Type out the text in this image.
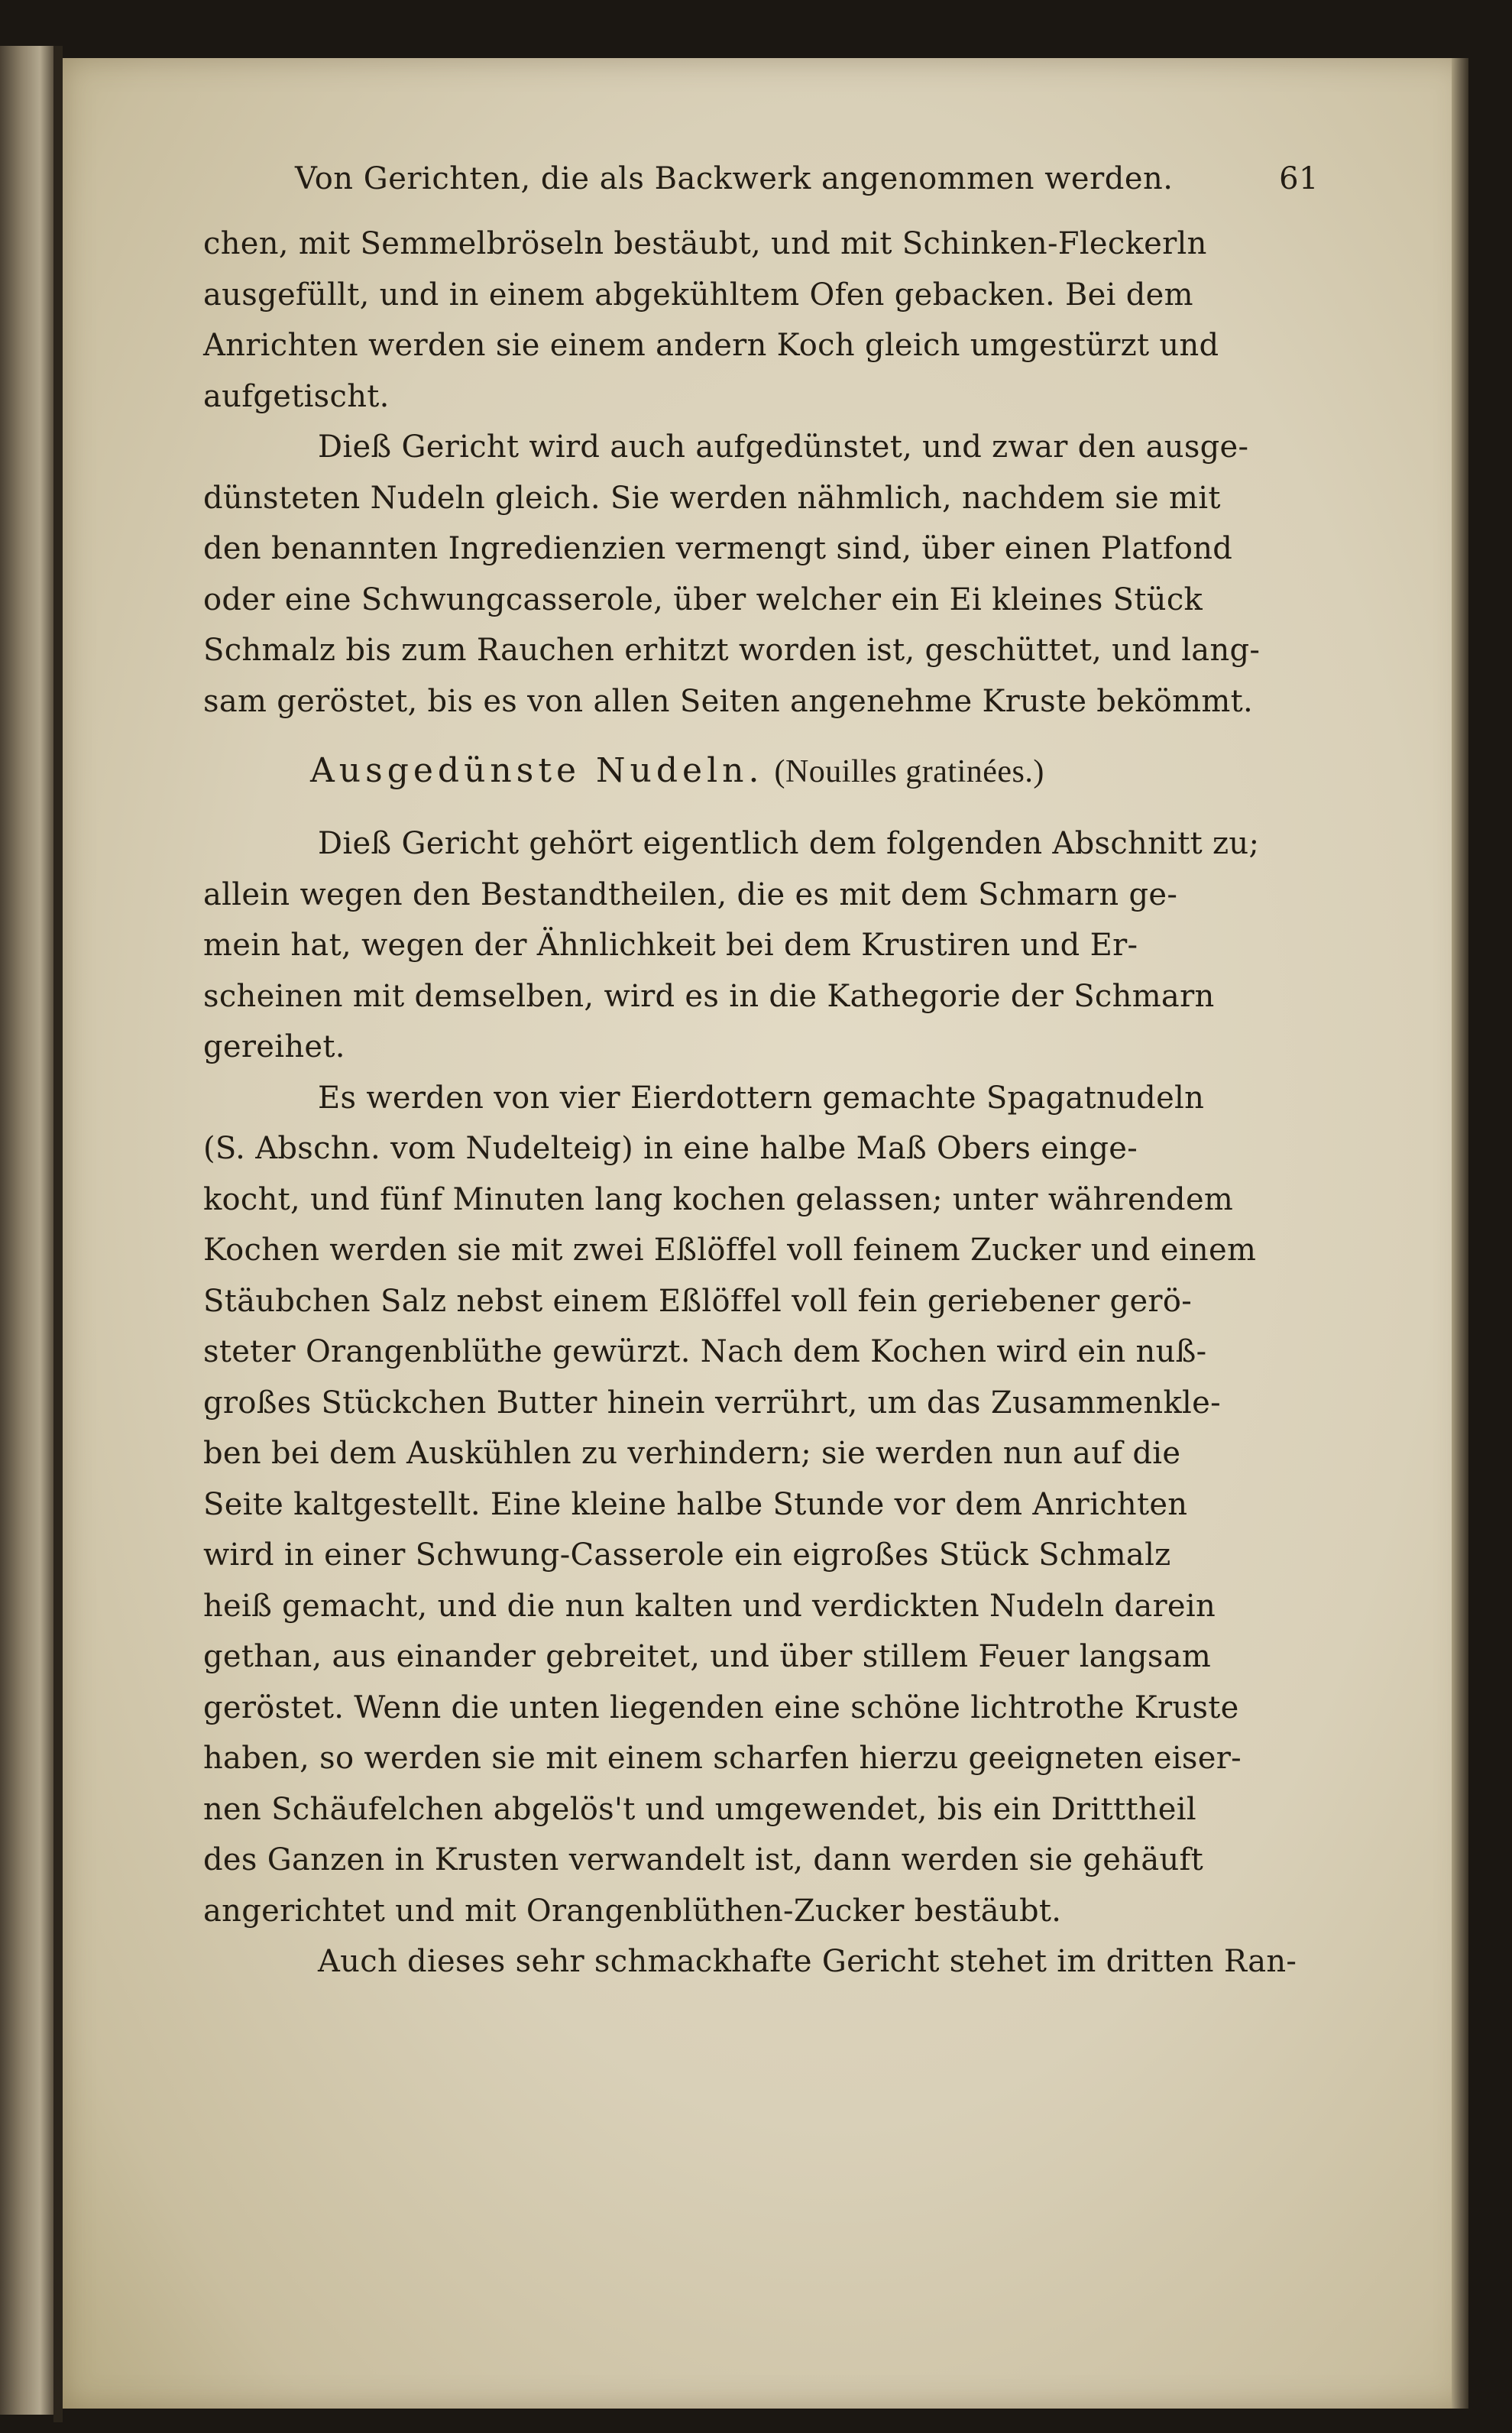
Von Gerichten, die als Backwerk angenommen werden.	61
chen, mit Semmelbröseln bestäubt, und mit Schinken-Fleckerln
ausgefüllt, und in einem abgekühltem Ofen gebacken. Bei dem
Anrichten werden sie einem andern Koch gleich umgestürzt und
aufgetischt.
Dieß Gericht wird auch aufgedünstet, und zwar den ausge-
dünsteten Nudeln gleich. Sie werden nähmlich, nachdem sie mit
den benannten Ingredienzien vermengt sind, über einen Platfond
oder eine Schwungcasserole, über welcher ein Ei kleines Stück
Schmalz bis zum Rauchen erhitzt worden ist, geschüttet, und lang-
sam geröstet, bis es von allen Seiten angenehme Kruste bekömmt.
Ausgedünste Nudeln. (Nouilles gratinées.)
Dieß Gericht gehört eigentlich dem folgenden Abschnitt zu;
allein wegen den Bestandtheilen, die es mit dem Schmarn ge-
mein hat, wegen der Ähnlichkeit bei dem Krustiren und Er-
scheinen mit demselben, wird es in die Kathegorie der Schmarn
gereihet.
Es werden von vier Eierdottern gemachte Spagatnudeln
(S. Abschn. vom Nudelteig) in eine halbe Maß Obers einge-
kocht, und fünf Minuten lang kochen gelassen; unter währendem
Kochen werden sie mit zwei Eßlöffel voll feinem Zucker und einem
Stäubchen Salz nebst einem Eßlöffel voll fein geriebener gerö-
steter Orangenblüthe gewürzt. Nach dem Kochen wird ein nuß-
großes Stückchen Butter hinein verrührt, um das Zusammenkle-
ben bei dem Auskühlen zu verhindern; sie werden nun auf die
Seite kaltgestellt. Eine kleine halbe Stunde vor dem Anrichten
wird in einer Schwung-Casserole ein eigroßes Stück Schmalz
heiß gemacht, und die nun kalten und verdickten Nudeln darein
gethan, aus einander gebreitet, und über stillem Feuer langsam
geröstet. Wenn die unten liegenden eine schöne lichtrothe Kruste
haben, so werden sie mit einem scharfen hierzu geeigneten eiser-
nen Schäufelchen abgelös't und umgewendet, bis ein Dritttheil
des Ganzen in Krusten verwandelt ist, dann werden sie gehäuft
angerichtet und mit Orangenblüthen-Zucker bestäubt.
Auch dieses sehr schmackhafte Gericht stehet im dritten Ran-
